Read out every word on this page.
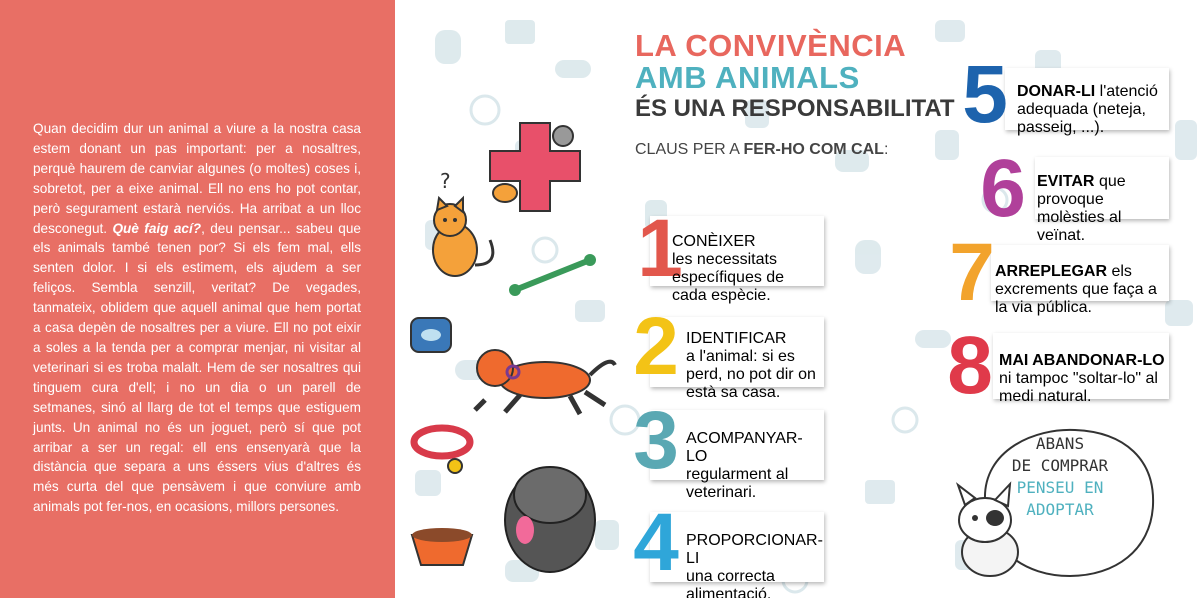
Quan decidim dur un animal a viure a la nostra casa estem donant un pas important: per a nosaltres, perquè haurem de canviar algunes (o moltes) coses i, sobretot, per a eixe animal. Ell no ens ho pot contar, però segurament estarà nerviós. Ha arribat a un lloc desconegut. Què faig ací?, deu pensar... sabeu que els animals també tenen por? Si els fem mal, ells senten dolor. I si els estimem, els ajudem a ser feliços. Sembla senzill, veritat? De vegades, tanmateix, oblidem que aquell animal que hem portat a casa depèn de nosaltres per a viure. Ell no pot eixir a soles a la tenda per a comprar menjar, ni visitar al veterinari si es troba malalt. Hem de ser nosaltres qui tinguem cura d'ell; i no un dia o un parell de setmanes, sinó al llarg de tot el temps que estiguem junts. Un animal no és un joguet, però sí que pot arribar a ser un regal: ell ens ensenyarà que la distància que separa a uns éssers vius d'altres és més curta del que pensàvem i que conviure amb animals pot fer-nos, en ocasions, millors persones.

LA CONVIVÈNCIA
AMB ANIMALS
ÉS UNA RESPONSABILITAT

CLAUS PER A FER-HO COM CAL:

?
1
2
3
4
5
6
7
8
CONÈIXER
les necessitats específiques de cada espècie.
IDENTIFICAR
a l'animal: si es perd, no pot dir on està sa casa.
ACOMPANYAR-LO
regularment al veterinari.
PROPORCIONAR-LI
una correcta alimentació.
DONAR-LI l'atenció adequada (neteja, passeig, ...).
EVITAR que provoque molèsties al veïnat.
ARREPLEGAR els excrements que faça a la via pública.
MAI ABANDONAR-LO ni tampoc "soltar-lo" al medi natural.
ABANS
DE COMPRAR
PENSEU EN
ADOPTAR
